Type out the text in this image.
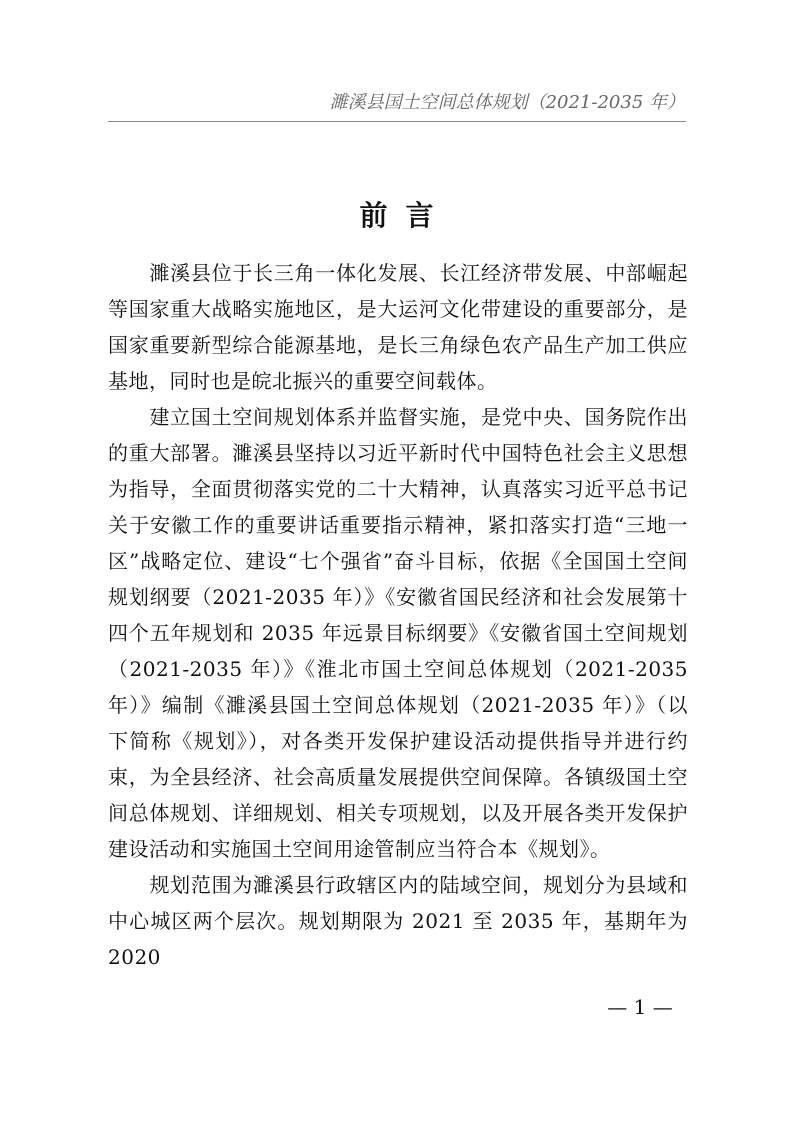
濉溪县国土空间总体规划（2021-2035 年）
前言

　　濉溪县位于长三角一体化发展、长江经济带发展、中部崛起等国家重大战略实施地区，是大运河文化带建设的重要部分，是国家重要新型综合能源基地，是长三角绿色农产品生产加工供应基地，同时也是皖北振兴的重要空间载体。

　　建立国土空间规划体系并监督实施，是党中央、国务院作出的重大部署。濉溪县坚持以习近平新时代中国特色社会主义思想为指导，全面贯彻落实党的二十大精神，认真落实习近平总书记关于安徽工作的重要讲话重要指示精神，紧扣落实打造“三地一区”战略定位、建设“七个强省”奋斗目标，依据《全国国土空间规划纲要（2021-2035 年）》《安徽省国民经济和社会发展第十四个五年规划和 2035 年远景目标纲要》《安徽省国土空间规划（2021-2035 年）》《淮北市国土空间总体规划（2021-2035 年）》编制《濉溪县国土空间总体规划（2021-2035 年）》（以下简称《规划》），对各类开发保护建设活动提供指导并进行约束，为全县经济、社会高质量发展提供空间保障。各镇级国土空间总体规划、详细规划、相关专项规划，以及开展各类开发保护建设活动和实施国土空间用途管制应当符合本《规划》。

　　规划范围为濉溪县行政辖区内的陆域空间，规划分为县域和中心城区两个层次。规划期限为 2021 至 2035 年，基期年为 2020

— 1 —
